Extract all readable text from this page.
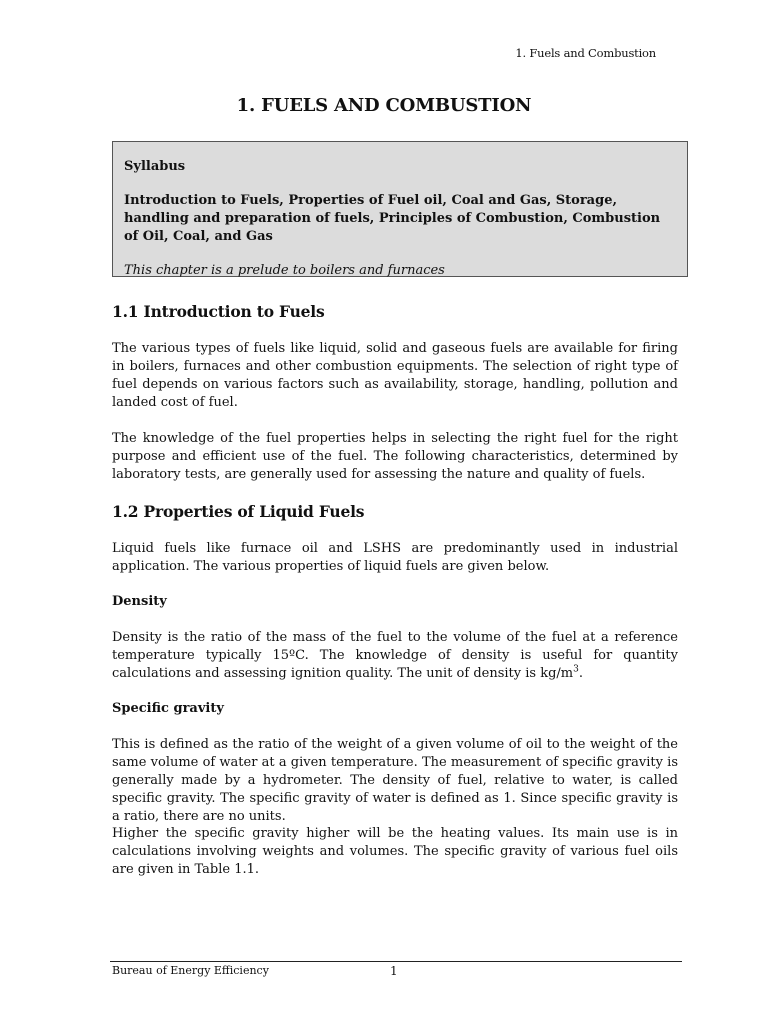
1. Fuels and Combustion
1. FUELS AND COMBUSTION

Syllabus

Introduction to Fuels, Properties of Fuel oil, Coal and Gas, Storage, handling and preparation of fuels, Principles of Combustion, Combustion of Oil, Coal, and Gas

This chapter is a prelude to boilers and furnaces

1.1 Introduction to Fuels

The various types of fuels like liquid, solid and gaseous fuels are available for firing in boilers, furnaces and other combustion equipments. The selection of right type of fuel depends on various factors such as availability, storage, handling, pollution and landed cost of fuel.

The knowledge of the fuel properties helps in selecting the right fuel for the right purpose and efficient use of the fuel. The following characteristics, determined by laboratory tests, are generally used for assessing the nature and quality of fuels.

1.2 Properties of Liquid Fuels

Liquid fuels like furnace oil and LSHS are predominantly used in industrial application. The various properties of liquid fuels are given below.

Density

Density is the ratio of the mass of the fuel to the volume of the fuel at a reference temperature typically 15ºC. The knowledge of density is useful for quantity calculations and assessing ignition quality. The unit of density is $kg/m^3$.

Specific gravity

This is defined as the ratio of the weight of a given volume of oil to the weight of the same volume of water at a given temperature. The measurement of specific gravity is generally made by a hydrometer. The density of fuel, relative to water, is called specific gravity. The specific gravity of water is defined as 1. Since specific gravity is a ratio, there are no units.

Higher the specific gravity higher will be the heating values. Its main use is in calculations involving weights and volumes. The specific gravity of various fuel oils are given in Table 1.1.

Bureau of Energy Efficiency	1
